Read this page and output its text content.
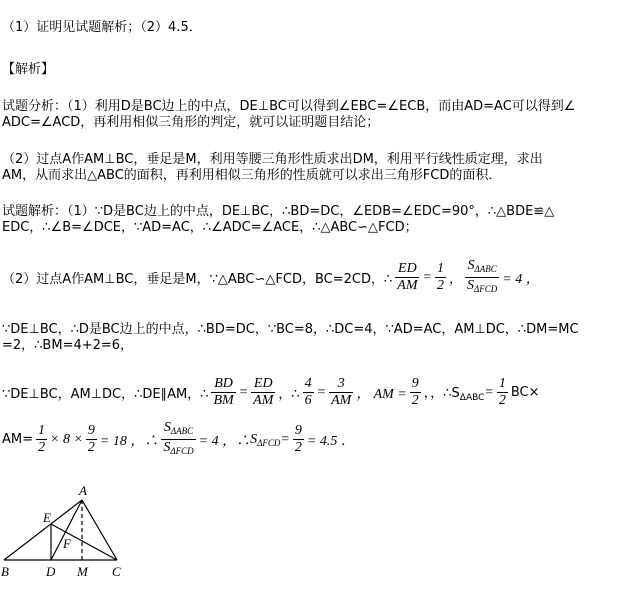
（1）证明见试题解析；（2）4.5．
【解析】
试题分析：（1）利用D是BC边上的中点，DE⊥BC可以得到∠EBC=∠ECB，而由AD=AC可以得到∠
ADC=∠ACD，再利用相似三角形的判定，就可以证明题目结论；
（2）过点A作AM⊥BC，垂足是M，利用等腰三角形性质求出DM，利用平行线性质定理，求出
AM，从而求出△ABC的面积，再利用相似三角形的性质就可以求出三角形FCD的面积．
试题解析：（1）∵D是BC边上的中点，DE⊥BC，∴BD=DC，∠EDB=∠EDC=90°，∴△BDE≌△
EDC，∴∠B=∠DCE，∵AD=AC，∴∠ADC=∠ACE，∴△ABC∽△FCD；
（2）过点A作AM⊥BC，垂足是M，∵△ABC∽△FCD，BC=2CD，∴ $\frac{ED}{AM} = \frac{1}{2}$ ， $\frac{S_{\Delta ABC}}{S_{\Delta FCD}} = 4$ ，
∵DE⊥BC，∴D是BC边上的中点，∴BD=DC，∵BC=8，∴DC=4，∵AD=AC，AM⊥DC，∴DM=MC
=2，∴BM=4+2=6，
∵DE⊥BC，AM⊥DC，∴DE∥AM，∴ $\frac{BD}{BM} = \frac{ED}{AM}$ ，∴ $\frac{4}{6} = \frac{3}{AM}$ ， AM = $\frac{9}{2}$ ，，$\therefore S_{\Delta ABC} = \frac{1}{2} BC\times$
$AM= \frac{1}{2} \times 8 \times \frac{9}{2} = 18$ ，∴ $\frac{S_{\Delta ABC}}{S_{\Delta FCD}} = 4$ ，∴ $S_{\Delta FCD} = \frac{9}{2} = 4.5$ ．
A
B	C
D
E
F
M
